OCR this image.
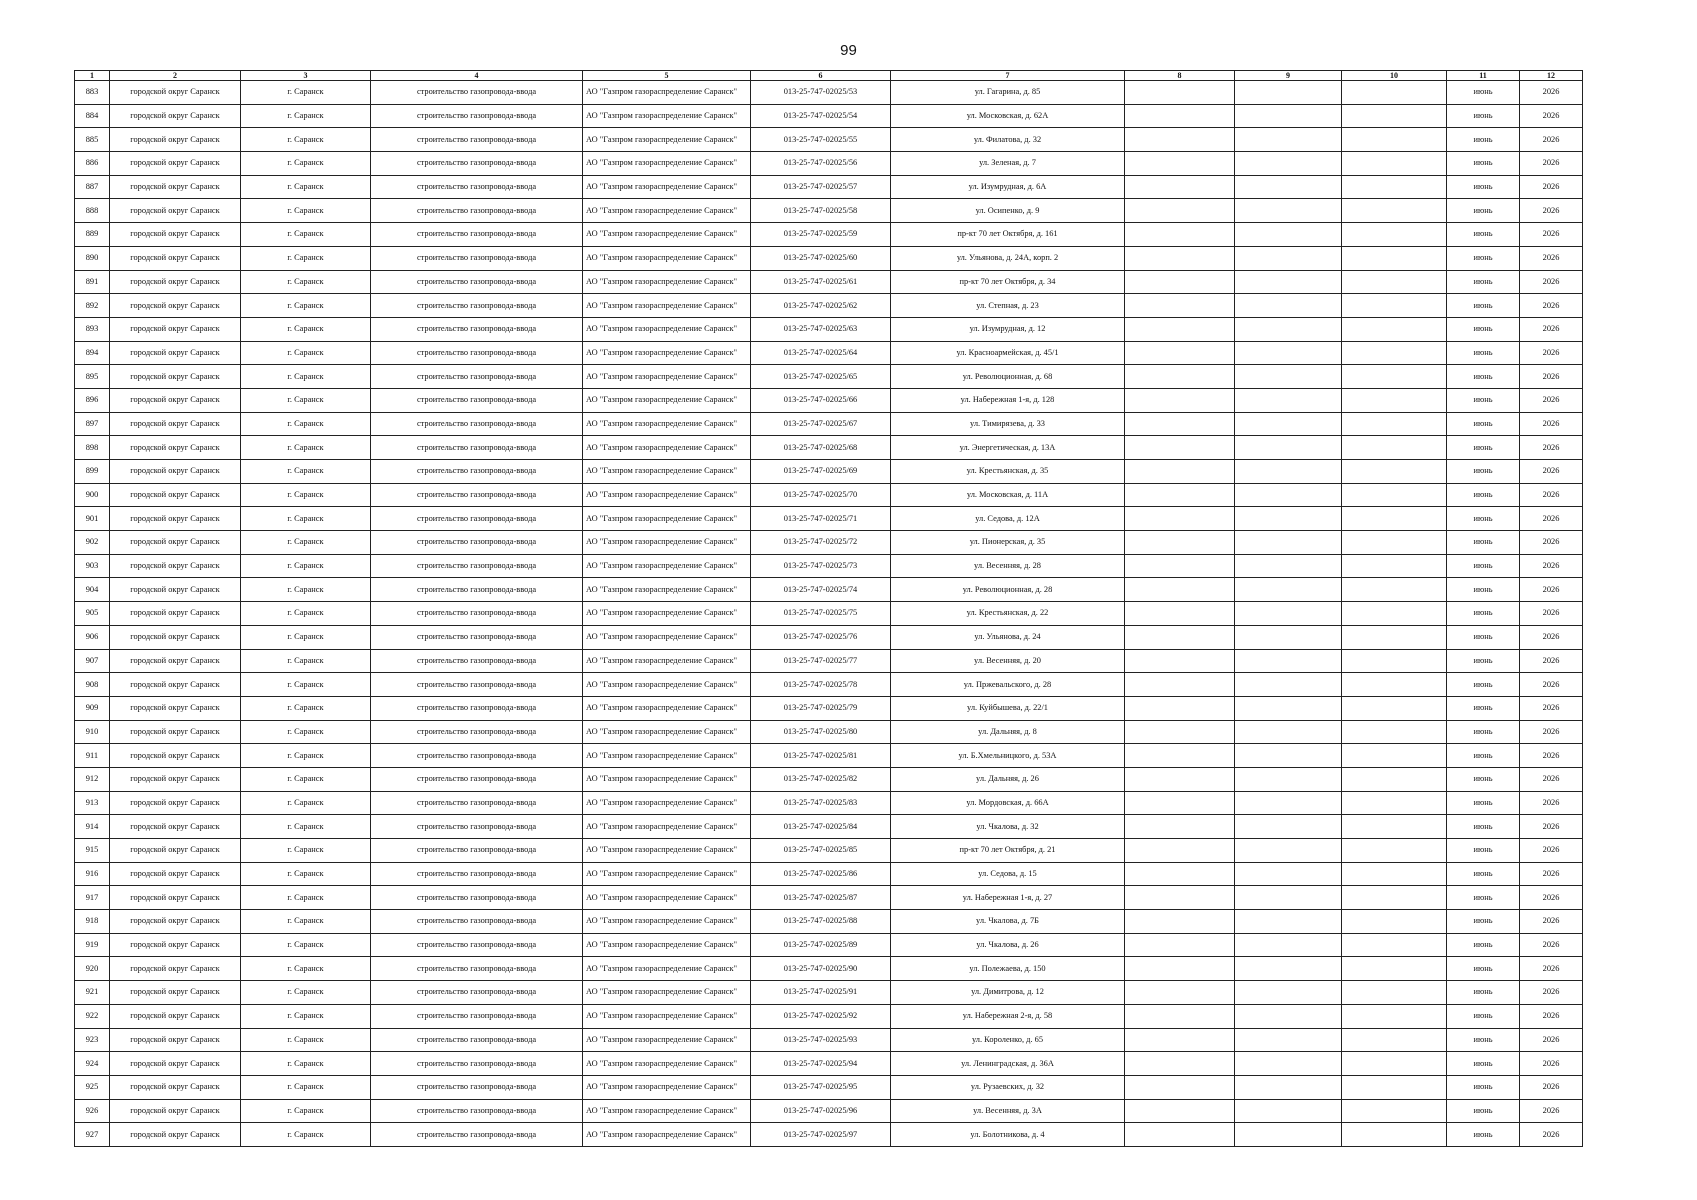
99
1	2	3	4	5	6	7	8	9	10	11	12
883	городской округ Саранск	г. Саранск	строительство газопровода-ввода	АО "Газпром газораспределение Саранск"	013-25-747-02025/53	ул. Гагарина, д. 85				июнь	2026
884	городской округ Саранск	г. Саранск	строительство газопровода-ввода	АО "Газпром газораспределение Саранск"	013-25-747-02025/54	ул. Московская, д. 62А				июнь	2026
885	городской округ Саранск	г. Саранск	строительство газопровода-ввода	АО "Газпром газораспределение Саранск"	013-25-747-02025/55	ул. Филатова, д. 32				июнь	2026
886	городской округ Саранск	г. Саранск	строительство газопровода-ввода	АО "Газпром газораспределение Саранск"	013-25-747-02025/56	ул. Зеленая, д. 7				июнь	2026
887	городской округ Саранск	г. Саранск	строительство газопровода-ввода	АО "Газпром газораспределение Саранск"	013-25-747-02025/57	ул. Изумрудная, д. 6А				июнь	2026
888	городской округ Саранск	г. Саранск	строительство газопровода-ввода	АО "Газпром газораспределение Саранск"	013-25-747-02025/58	ул. Осипенко, д. 9				июнь	2026
889	городской округ Саранск	г. Саранск	строительство газопровода-ввода	АО "Газпром газораспределение Саранск"	013-25-747-02025/59	пр-кт 70 лет Октября, д. 161				июнь	2026
890	городской округ Саранск	г. Саранск	строительство газопровода-ввода	АО "Газпром газораспределение Саранск"	013-25-747-02025/60	ул. Ульянова, д. 24А, корп. 2				июнь	2026
891	городской округ Саранск	г. Саранск	строительство газопровода-ввода	АО "Газпром газораспределение Саранск"	013-25-747-02025/61	пр-кт 70 лет Октября, д. 34				июнь	2026
892	городской округ Саранск	г. Саранск	строительство газопровода-ввода	АО "Газпром газораспределение Саранск"	013-25-747-02025/62	ул. Степная, д. 23				июнь	2026
893	городской округ Саранск	г. Саранск	строительство газопровода-ввода	АО "Газпром газораспределение Саранск"	013-25-747-02025/63	ул. Изумрудная, д. 12				июнь	2026
894	городской округ Саранск	г. Саранск	строительство газопровода-ввода	АО "Газпром газораспределение Саранск"	013-25-747-02025/64	ул. Красноармейская, д. 45/1				июнь	2026
895	городской округ Саранск	г. Саранск	строительство газопровода-ввода	АО "Газпром газораспределение Саранск"	013-25-747-02025/65	ул. Революционная, д. 68				июнь	2026
896	городской округ Саранск	г. Саранск	строительство газопровода-ввода	АО "Газпром газораспределение Саранск"	013-25-747-02025/66	ул. Набережная 1-я, д. 128				июнь	2026
897	городской округ Саранск	г. Саранск	строительство газопровода-ввода	АО "Газпром газораспределение Саранск"	013-25-747-02025/67	ул. Тимирязева, д. 33				июнь	2026
898	городской округ Саранск	г. Саранск	строительство газопровода-ввода	АО "Газпром газораспределение Саранск"	013-25-747-02025/68	ул. Энергетическая, д. 13А				июнь	2026
899	городской округ Саранск	г. Саранск	строительство газопровода-ввода	АО "Газпром газораспределение Саранск"	013-25-747-02025/69	ул. Крестьянская, д. 35				июнь	2026
900	городской округ Саранск	г. Саранск	строительство газопровода-ввода	АО "Газпром газораспределение Саранск"	013-25-747-02025/70	ул. Московская, д. 11А				июнь	2026
901	городской округ Саранск	г. Саранск	строительство газопровода-ввода	АО "Газпром газораспределение Саранск"	013-25-747-02025/71	ул. Седова, д. 12А				июнь	2026
902	городской округ Саранск	г. Саранск	строительство газопровода-ввода	АО "Газпром газораспределение Саранск"	013-25-747-02025/72	ул. Пионерская, д. 35				июнь	2026
903	городской округ Саранск	г. Саранск	строительство газопровода-ввода	АО "Газпром газораспределение Саранск"	013-25-747-02025/73	ул. Весенняя, д. 28				июнь	2026
904	городской округ Саранск	г. Саранск	строительство газопровода-ввода	АО "Газпром газораспределение Саранск"	013-25-747-02025/74	ул. Революционная, д. 28				июнь	2026
905	городской округ Саранск	г. Саранск	строительство газопровода-ввода	АО "Газпром газораспределение Саранск"	013-25-747-02025/75	ул. Крестьянская, д. 22				июнь	2026
906	городской округ Саранск	г. Саранск	строительство газопровода-ввода	АО "Газпром газораспределение Саранск"	013-25-747-02025/76	ул. Ульянова, д. 24				июнь	2026
907	городской округ Саранск	г. Саранск	строительство газопровода-ввода	АО "Газпром газораспределение Саранск"	013-25-747-02025/77	ул. Весенняя, д. 20				июнь	2026
908	городской округ Саранск	г. Саранск	строительство газопровода-ввода	АО "Газпром газораспределение Саранск"	013-25-747-02025/78	ул. Пржевальского, д. 28				июнь	2026
909	городской округ Саранск	г. Саранск	строительство газопровода-ввода	АО "Газпром газораспределение Саранск"	013-25-747-02025/79	ул. Куйбышева, д. 22/1				июнь	2026
910	городской округ Саранск	г. Саранск	строительство газопровода-ввода	АО "Газпром газораспределение Саранск"	013-25-747-02025/80	ул. Дальняя, д. 8				июнь	2026
911	городской округ Саранск	г. Саранск	строительство газопровода-ввода	АО "Газпром газораспределение Саранск"	013-25-747-02025/81	ул. Б.Хмельницкого, д. 53А				июнь	2026
912	городской округ Саранск	г. Саранск	строительство газопровода-ввода	АО "Газпром газораспределение Саранск"	013-25-747-02025/82	ул. Дальняя, д. 26				июнь	2026
913	городской округ Саранск	г. Саранск	строительство газопровода-ввода	АО "Газпром газораспределение Саранск"	013-25-747-02025/83	ул. Мордовская, д. 66А				июнь	2026
914	городской округ Саранск	г. Саранск	строительство газопровода-ввода	АО "Газпром газораспределение Саранск"	013-25-747-02025/84	ул. Чкалова, д. 32				июнь	2026
915	городской округ Саранск	г. Саранск	строительство газопровода-ввода	АО "Газпром газораспределение Саранск"	013-25-747-02025/85	пр-кт 70 лет Октября, д. 21				июнь	2026
916	городской округ Саранск	г. Саранск	строительство газопровода-ввода	АО "Газпром газораспределение Саранск"	013-25-747-02025/86	ул. Седова, д. 15				июнь	2026
917	городской округ Саранск	г. Саранск	строительство газопровода-ввода	АО "Газпром газораспределение Саранск"	013-25-747-02025/87	ул. Набережная 1-я, д. 27				июнь	2026
918	городской округ Саранск	г. Саранск	строительство газопровода-ввода	АО "Газпром газораспределение Саранск"	013-25-747-02025/88	ул. Чкалова, д. 7Б				июнь	2026
919	городской округ Саранск	г. Саранск	строительство газопровода-ввода	АО "Газпром газораспределение Саранск"	013-25-747-02025/89	ул. Чкалова, д. 26				июнь	2026
920	городской округ Саранск	г. Саранск	строительство газопровода-ввода	АО "Газпром газораспределение Саранск"	013-25-747-02025/90	ул. Полежаева, д. 150				июнь	2026
921	городской округ Саранск	г. Саранск	строительство газопровода-ввода	АО "Газпром газораспределение Саранск"	013-25-747-02025/91	ул. Димитрова, д. 12				июнь	2026
922	городской округ Саранск	г. Саранск	строительство газопровода-ввода	АО "Газпром газораспределение Саранск"	013-25-747-02025/92	ул. Набережная 2-я, д. 58				июнь	2026
923	городской округ Саранск	г. Саранск	строительство газопровода-ввода	АО "Газпром газораспределение Саранск"	013-25-747-02025/93	ул. Короленко, д. 65				июнь	2026
924	городской округ Саранск	г. Саранск	строительство газопровода-ввода	АО "Газпром газораспределение Саранск"	013-25-747-02025/94	ул. Ленинградская, д. 36А				июнь	2026
925	городской округ Саранск	г. Саранск	строительство газопровода-ввода	АО "Газпром газораспределение Саранск"	013-25-747-02025/95	ул. Рузаевских, д. 32				июнь	2026
926	городской округ Саранск	г. Саранск	строительство газопровода-ввода	АО "Газпром газораспределение Саранск"	013-25-747-02025/96	ул. Весенняя, д. 3А				июнь	2026
927	городской округ Саранск	г. Саранск	строительство газопровода-ввода	АО "Газпром газораспределение Саранск"	013-25-747-02025/97	ул. Болотникова, д. 4				июнь	2026
